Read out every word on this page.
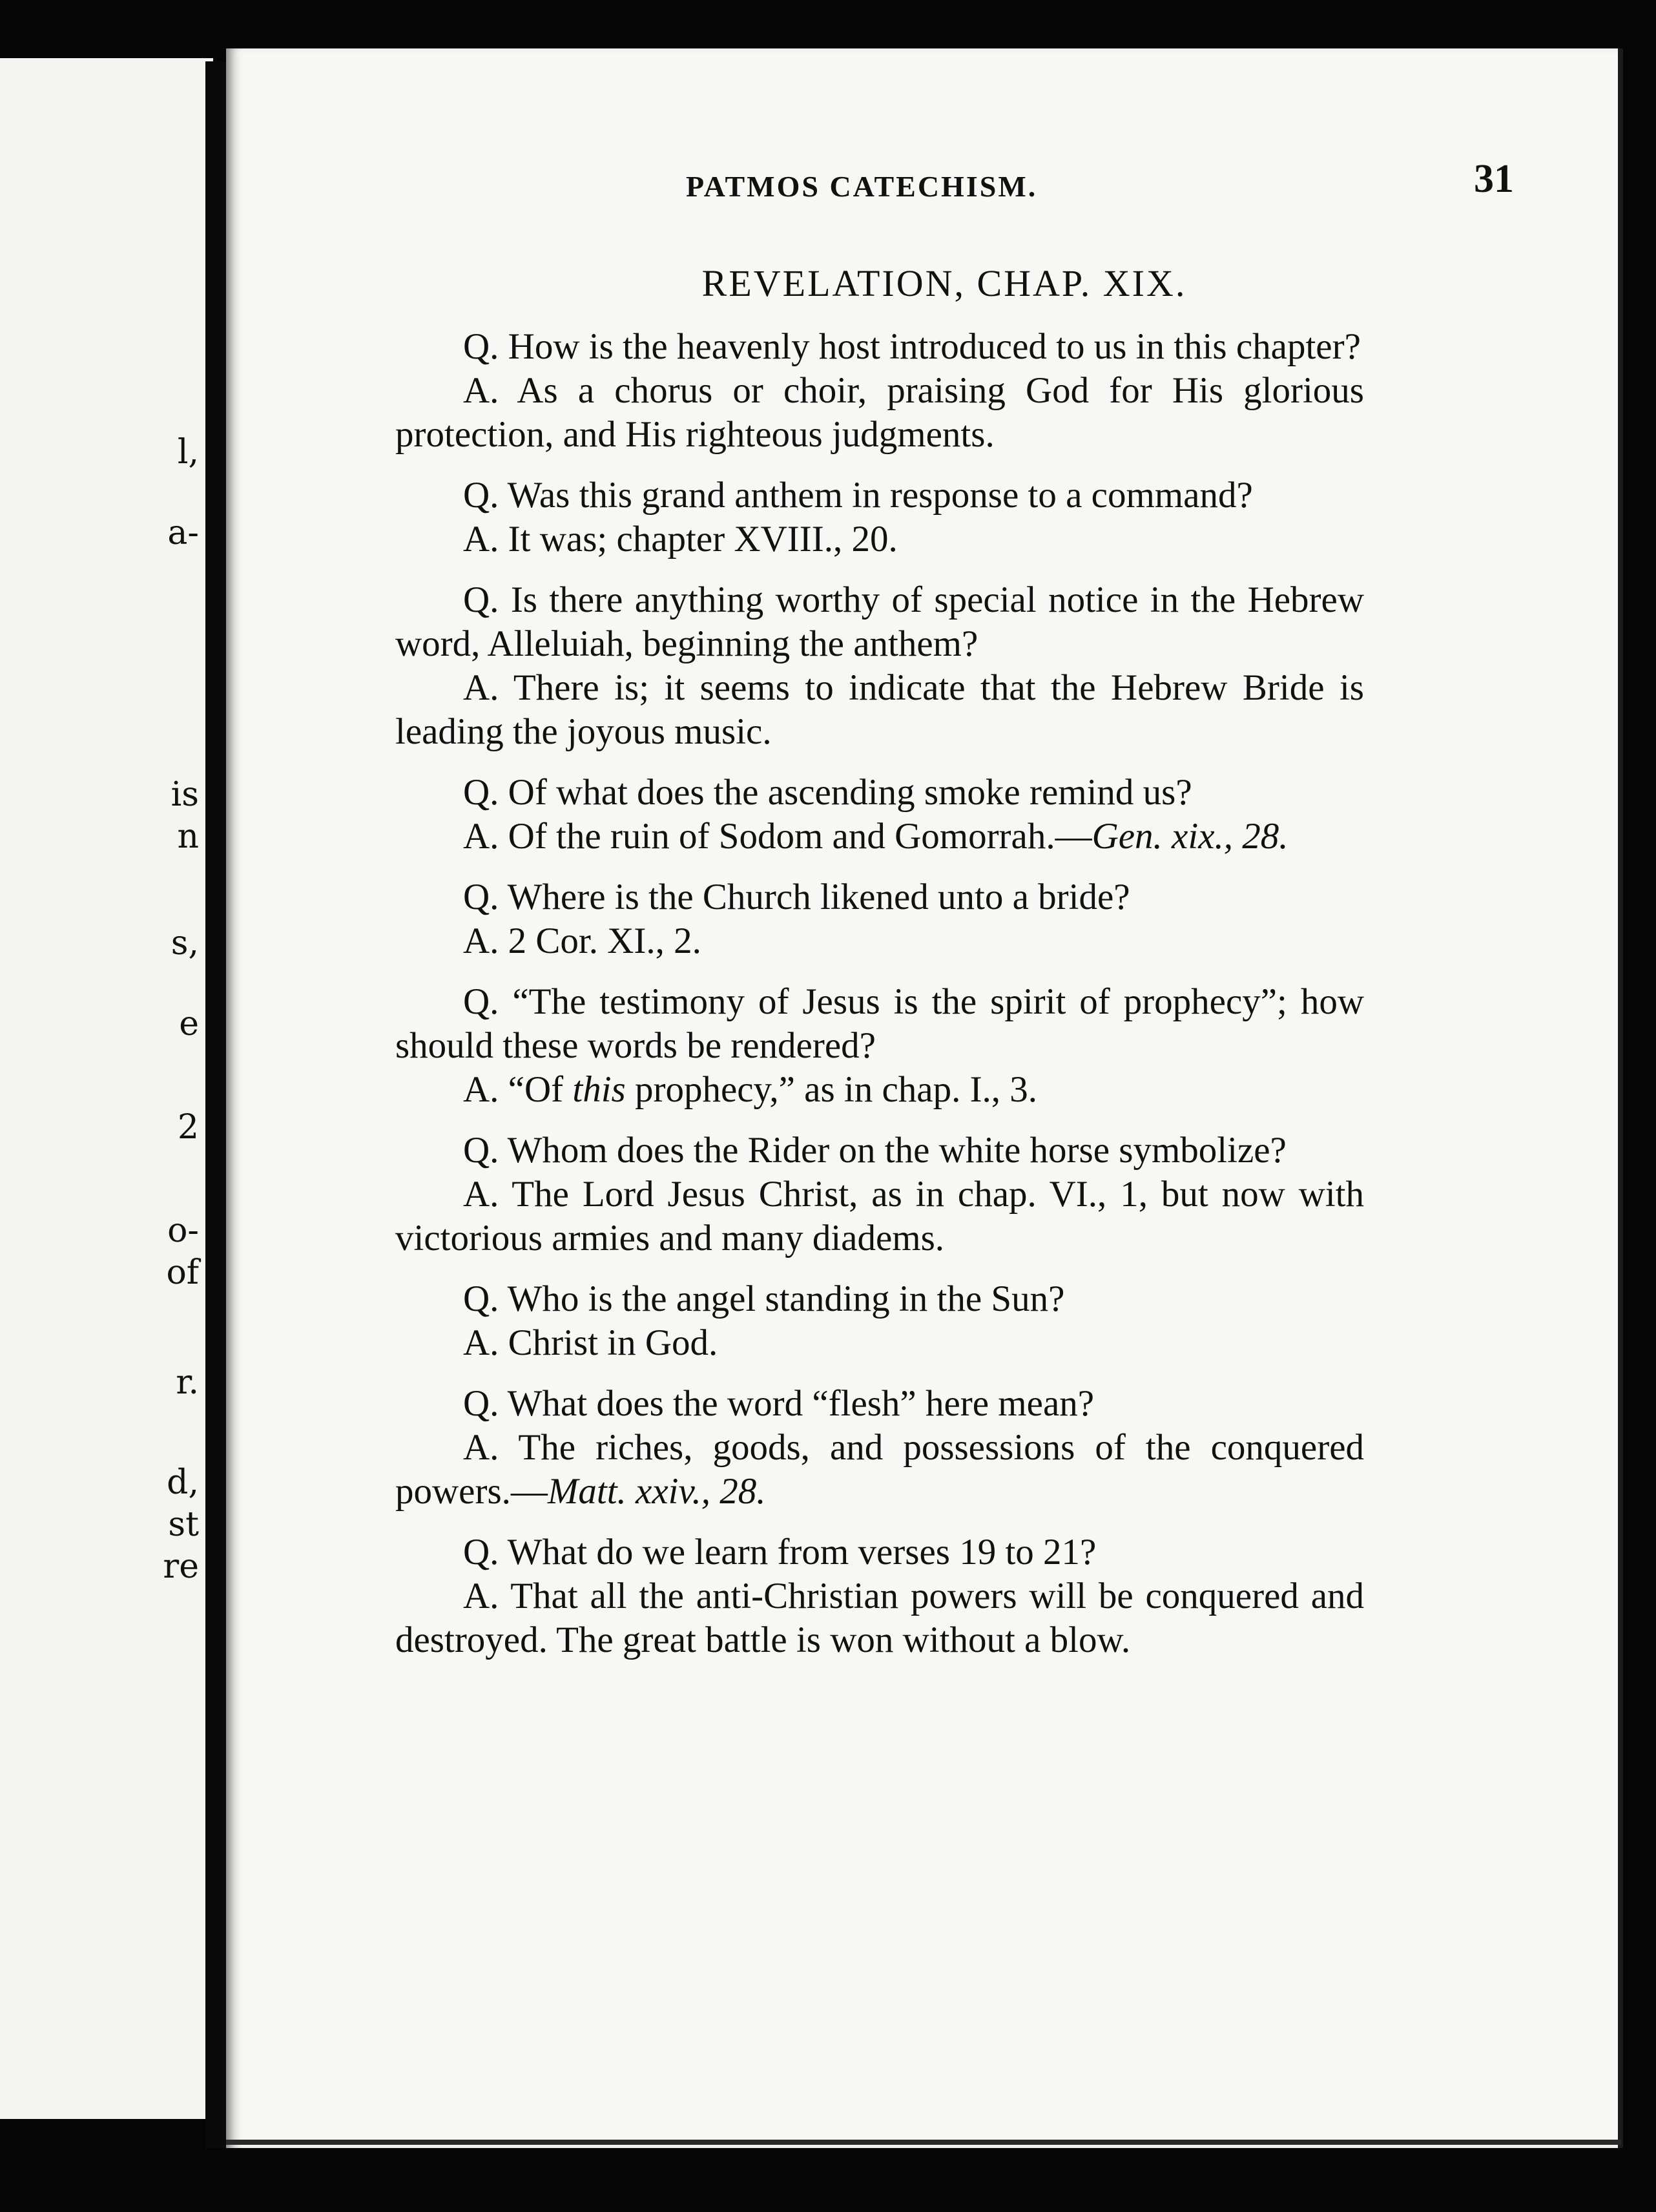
l,
a-
is
n
s,
e
2
o-
of
r.
d,
st
re
PATMOS CATECHISM.	31
REVELATION, CHAP. XIX.

Q. How is the heavenly host introduced to us in this chapter?

A. As a chorus or choir, praising God for His glorious protection, and His righteous judgments.

Q. Was this grand anthem in response to a command?

A. It was; chapter XVIII., 20.

Q. Is there anything worthy of special notice in the Hebrew word, Alleluiah, beginning the anthem?

A. There is; it seems to indicate that the Hebrew Bride is leading the joyous music.

Q. Of what does the ascending smoke remind us?

A. Of the ruin of Sodom and Gomorrah.—Gen. xix., 28.

Q. Where is the Church likened unto a bride?

A. 2 Cor. XI., 2.

Q. “The testimony of Jesus is the spirit of prophecy”; how should these words be rendered?

A. “Of this prophecy,” as in chap. I., 3.

Q. Whom does the Rider on the white horse symbolize?

A. The Lord Jesus Christ, as in chap. VI., 1, but now with victorious armies and many diadems.

Q. Who is the angel standing in the Sun?

A. Christ in God.

Q. What does the word “flesh” here mean?

A. The riches, goods, and possessions of the conquered powers.—Matt. xxiv., 28.

Q. What do we learn from verses 19 to 21?

A. That all the anti-Christian powers will be conquered and destroyed. The great battle is won without a blow.
